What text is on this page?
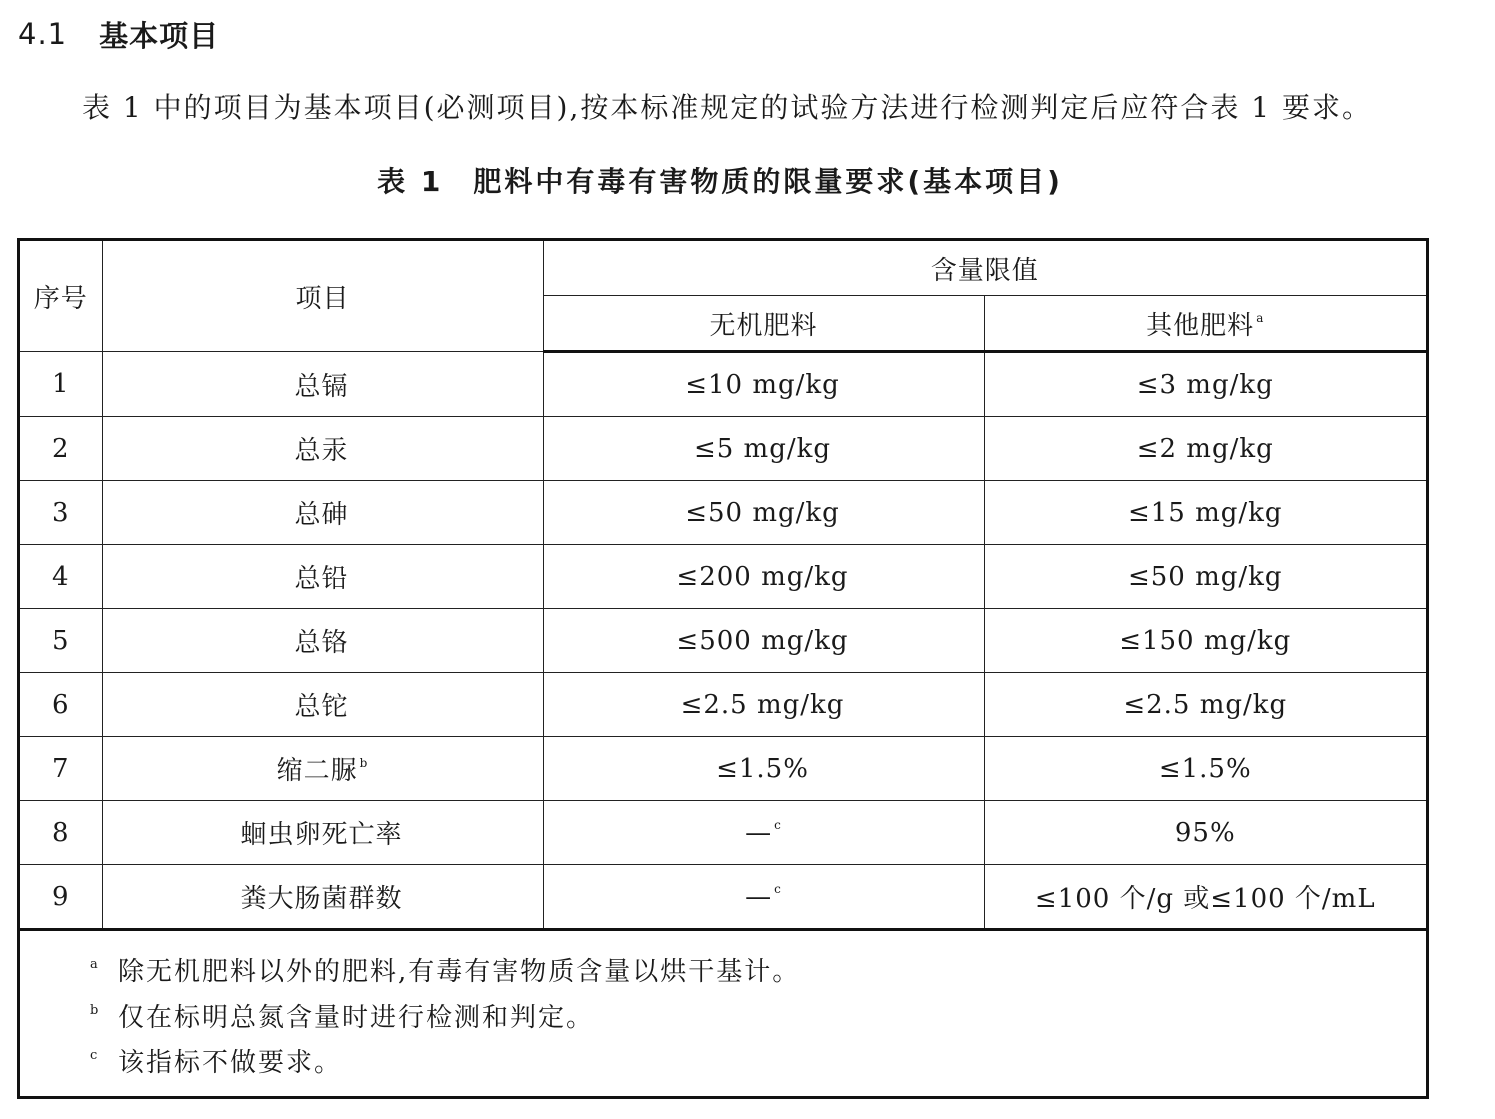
4.1 基本项目
表 1 中的项目为基本项目(必测项目),按本标准规定的试验方法进行检测判定后应符合表 1 要求。
表 1 肥料中有毒有害物质的限量要求(基本项目)
序号	项目	含量限值	
		无机肥料	其他肥料 $^a$
1	总镉	≤10 mg/kg	≤3 mg/kg
2	总汞	≤5 mg/kg	≤2 mg/kg
3	总砷	≤50 mg/kg	≤15 mg/kg
4	总铅	≤200 mg/kg	≤50 mg/kg
5	总铬	≤500 mg/kg	≤150 mg/kg
6	总铊	≤2.5 mg/kg	≤2.5 mg/kg
7	缩二脲 $^b$	≤1.5%	≤1.5%
8	蛔虫卵死亡率	— $^c$	95%
9	粪大肠菌群数	— $^c$	≤100 个/g 或≤100 个/mL
a 除无机肥料以外的肥料,有毒有害物质含量以烘干基计。
b 仅在标明总氮含量时进行检测和判定。
c 该指标不做要求。
